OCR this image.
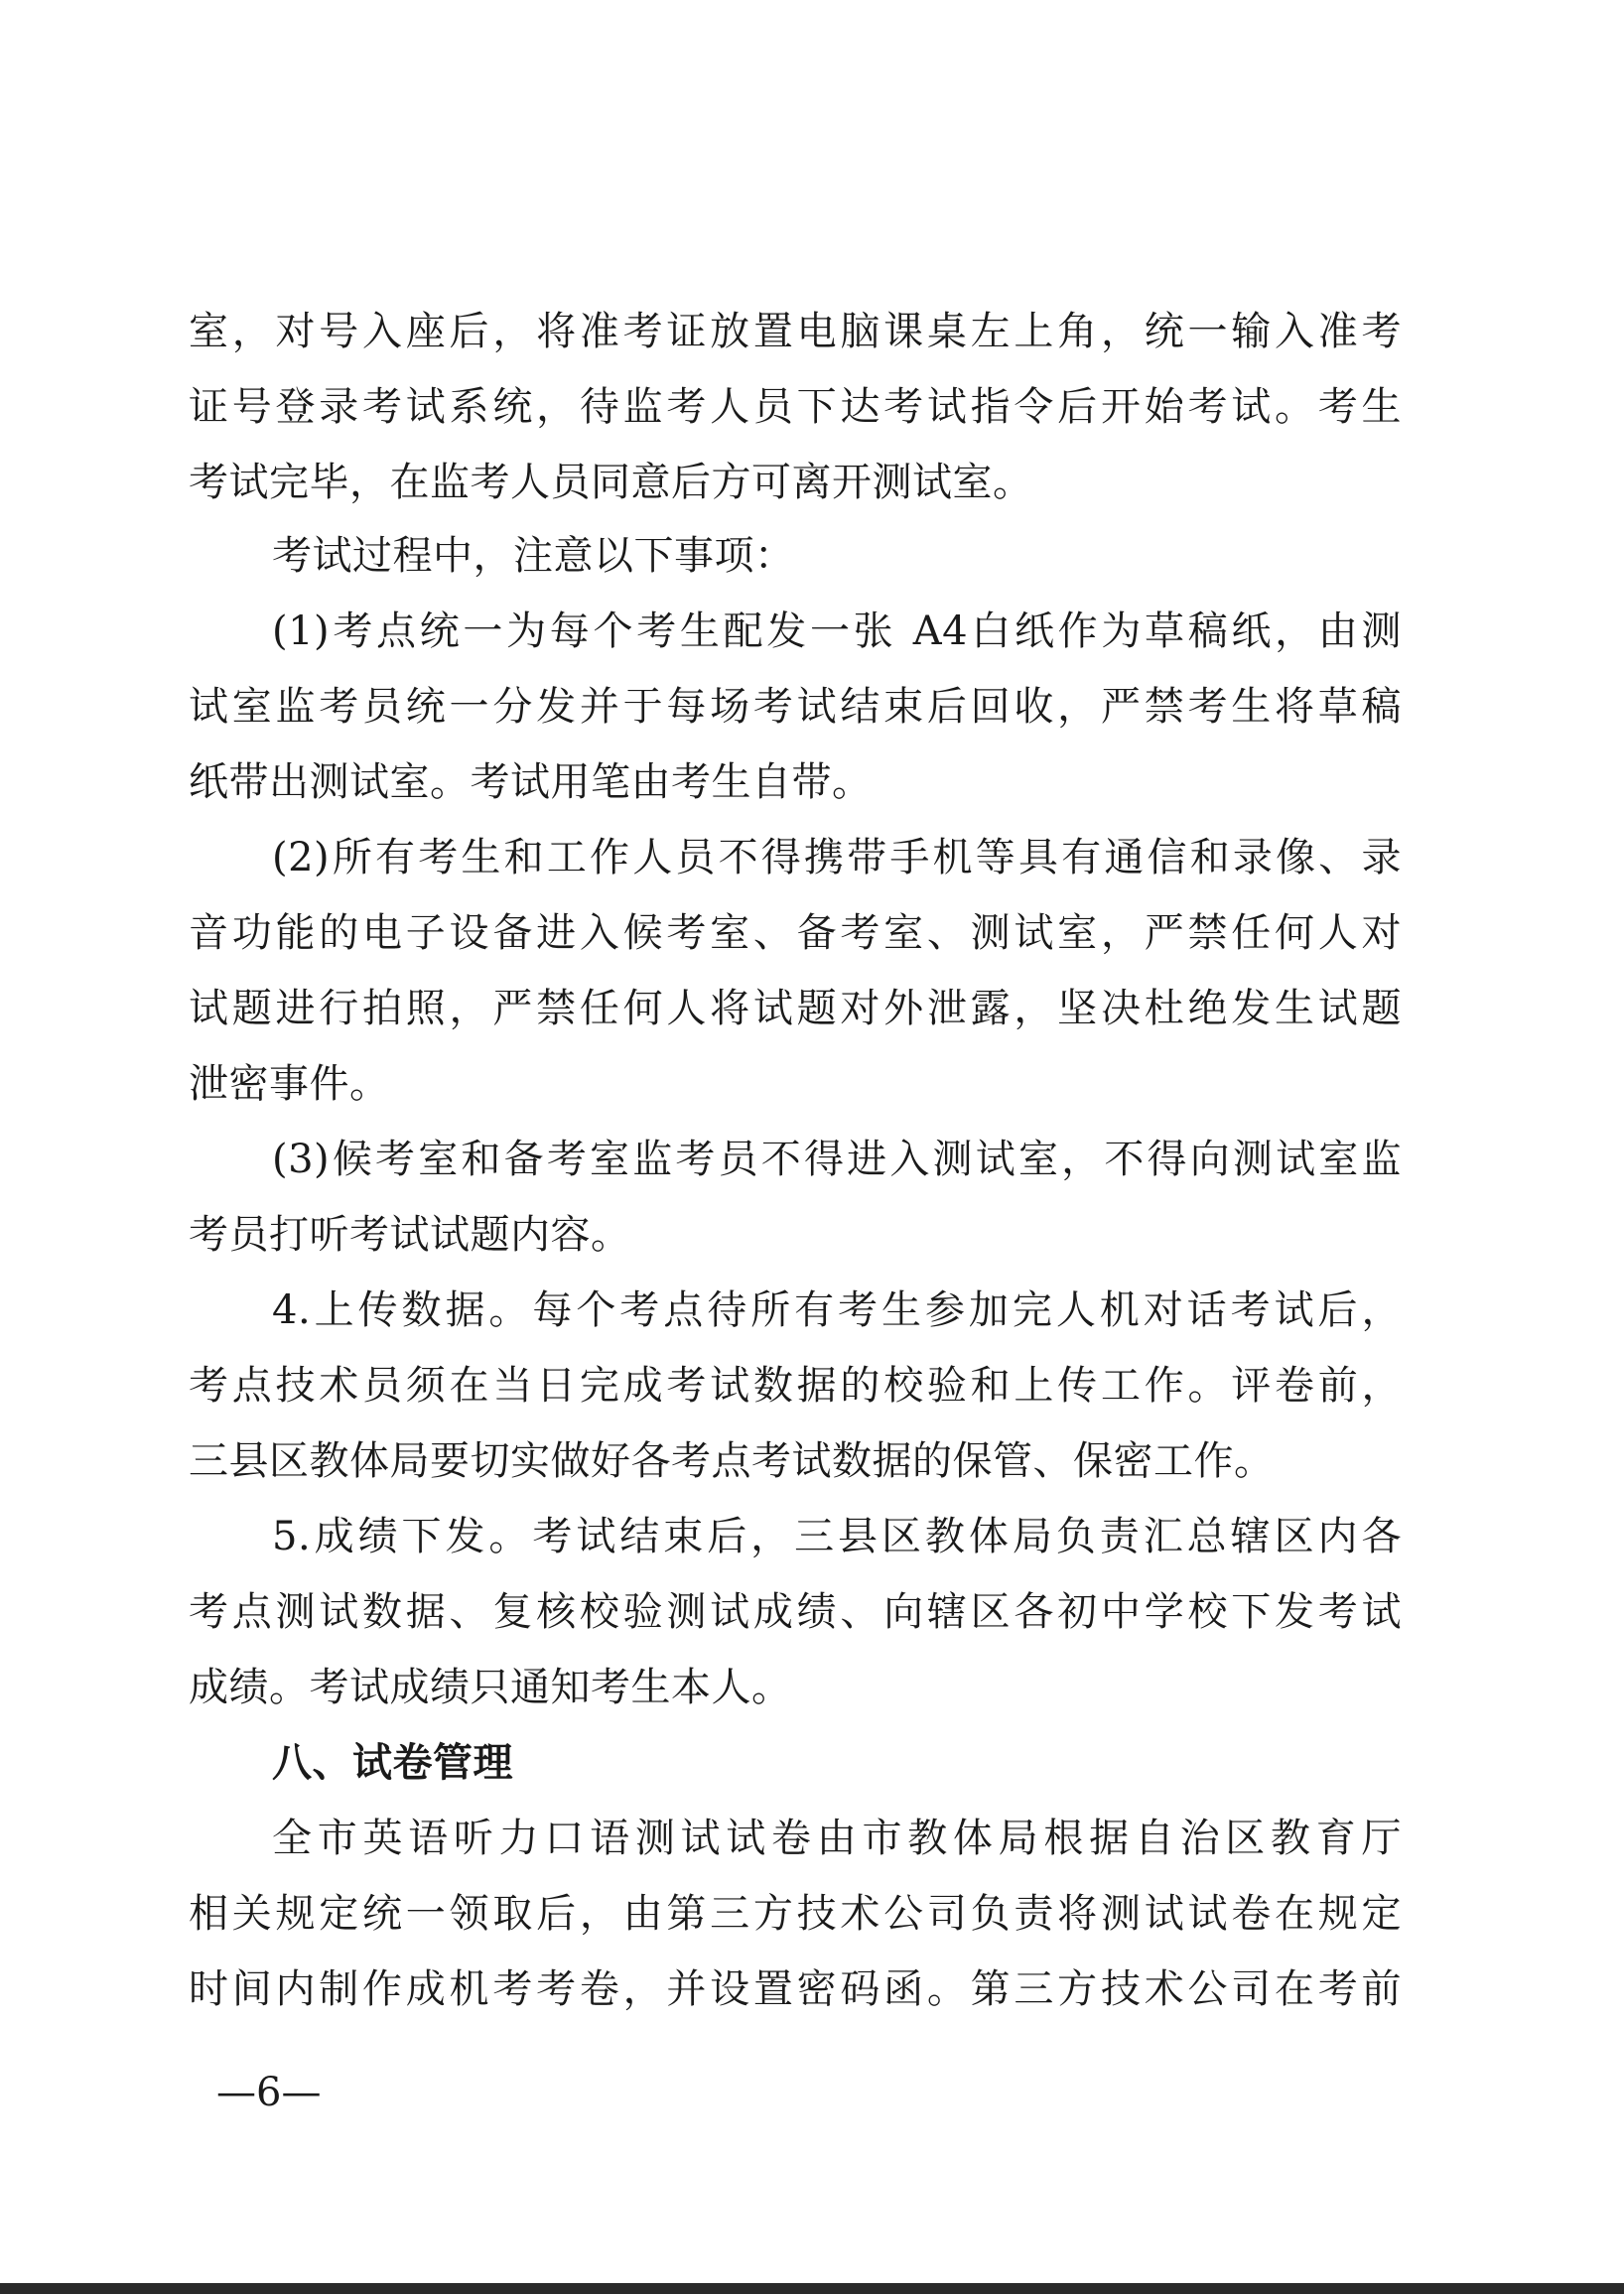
室，对号入座后，将准考证放置电脑课桌左上角，统一输入准考
证号登录考试系统，待监考人员下达考试指令后开始考试。考生
考试完毕，在监考人员同意后方可离开测试室。
考试过程中，注意以下事项：
(1)考点统一为每个考生配发一张 A4白纸作为草稿纸，由测
试室监考员统一分发并于每场考试结束后回收，严禁考生将草稿
纸带出测试室。考试用笔由考生自带。
(2)所有考生和工作人员不得携带手机等具有通信和录像、录
音功能的电子设备进入候考室、备考室、测试室，严禁任何人对
试题进行拍照，严禁任何人将试题对外泄露，坚决杜绝发生试题
泄密事件。
(3)候考室和备考室监考员不得进入测试室，不得向测试室监
考员打听考试试题内容。
4.上传数据。每个考点待所有考生参加完人机对话考试后，
考点技术员须在当日完成考试数据的校验和上传工作。评卷前，
三县区教体局要切实做好各考点考试数据的保管、保密工作。
5.成绩下发。考试结束后，三县区教体局负责汇总辖区内各
考点测试数据、复核校验测试成绩、向辖区各初中学校下发考试
成绩。考试成绩只通知考生本人。
八、试卷管理
全市英语听力口语测试试卷由市教体局根据自治区教育厅
相关规定统一领取后，由第三方技术公司负责将测试试卷在规定
时间内制作成机考考卷，并设置密码函。第三方技术公司在考前
—6—
